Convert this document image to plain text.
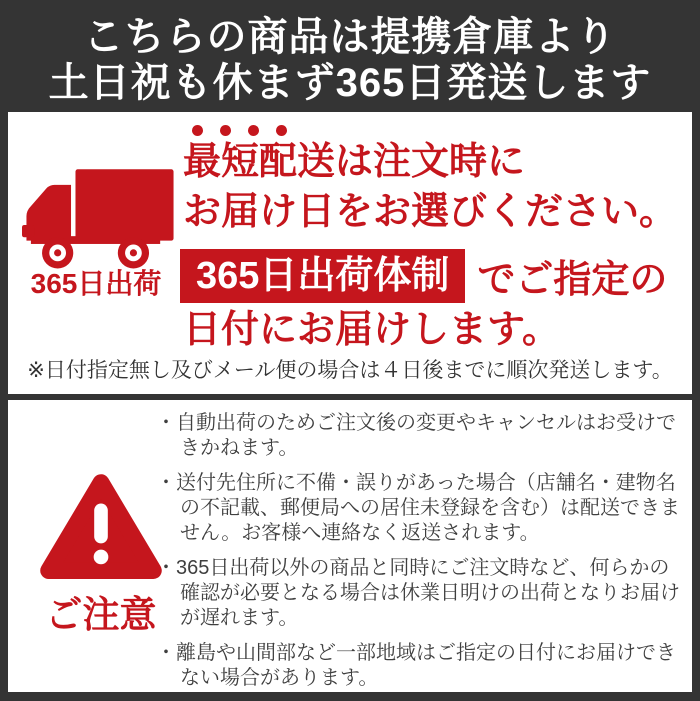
こちらの商品は提携倉庫より
土日祝も休まず365日発送します
365日出荷
最短配送は注文時に
お届け日をお選びください。
365日出荷体制 でご指定の
日付にお届けします。
※日付指定無し及びメール便の場合は４日後までに順次発送します。
ご注意

・自動出荷のためご注文後の変更やキャンセルはお受けできかねます。

・送付先住所に不備・誤りがあった場合（店舗名・建物名の不記載、郵便局への居住未登録を含む）は配送できません。お客様へ連絡なく返送されます。

・365日出荷以外の商品と同時にご注文時など、何らかの確認が必要となる場合は休業日明けの出荷となりお届けが遅れます。

・離島や山間部など一部地域はご指定の日付にお届けできない場合があります。
